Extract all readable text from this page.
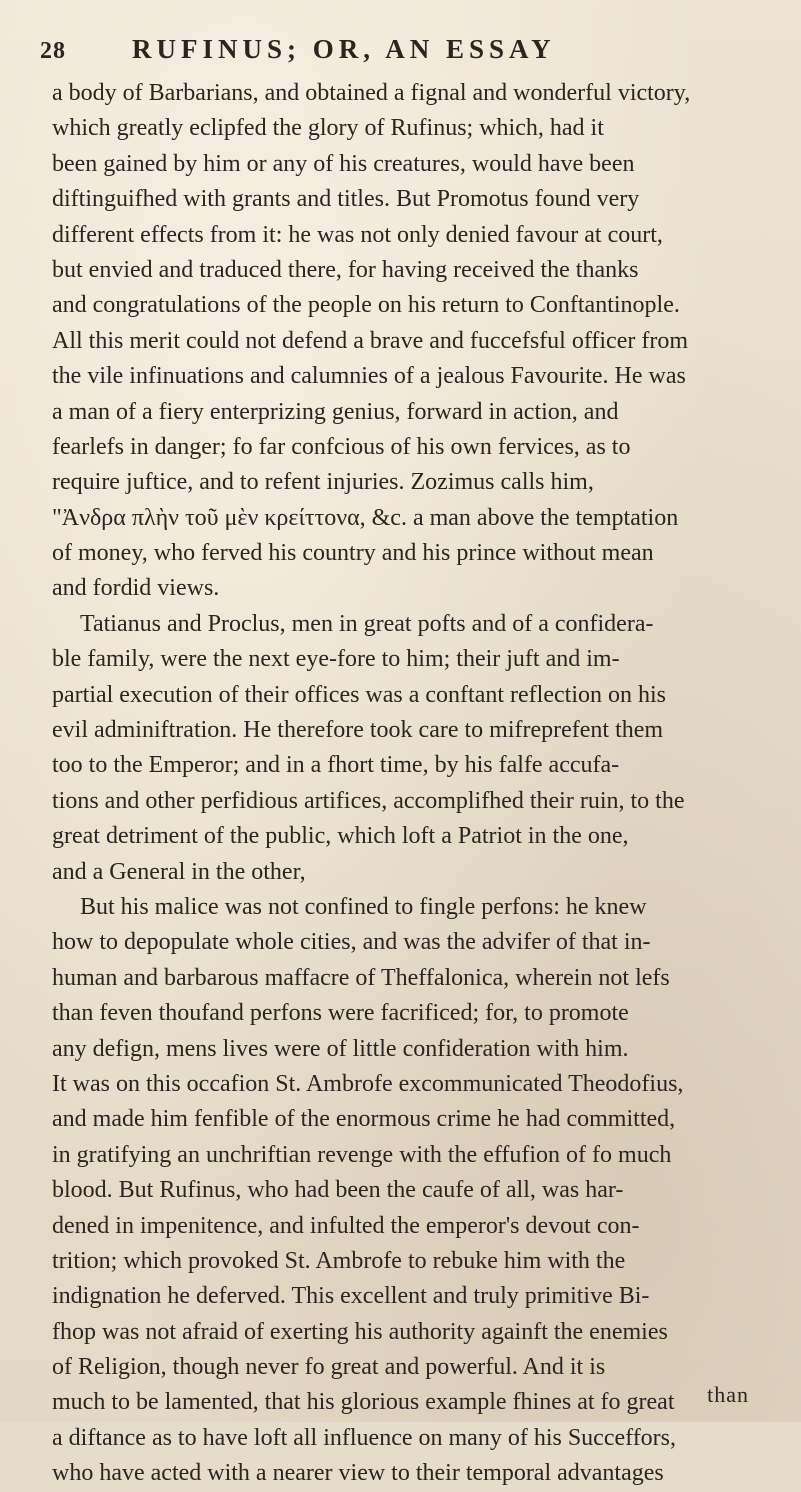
28 RUFINUS; OR, AN ESSAY
a body of Barbarians, and obtained a fignal and wonderful victory,
which greatly eclipfed the glory of Rufinus; which, had it
been gained by him or any of his creatures, would have been
diftinguifhed with grants and titles. But Promotus found very
different effects from it: he was not only denied favour at court,
but envied and traduced there, for having received the thanks
and congratulations of the people on his return to Conftantinople.
All this merit could not defend a brave and fuccefsful officer from
the vile infinuations and calumnies of a jealous Favourite. He was
a man of a fiery enterprizing genius, forward in action, and
fearlefs in danger; fo far confcious of his own fervices, as to
require juftice, and to refent injuries. Zozimus calls him,
"Ἀνδρα πλὴν τοῦ μὲν κρείττονα, &c. a man above the temptation
of money, who ferved his country and his prince without mean
and fordid views.
Tatianus and Proclus, men in great pofts and of a confidera-
ble family, were the next eye-fore to him; their juft and im-
partial execution of their offices was a conftant reflection on his
evil adminiftration. He therefore took care to mifreprefent them
too to the Emperor; and in a fhort time, by his falfe accufa-
tions and other perfidious artifices, accomplifhed their ruin, to the
great detriment of the public, which loft a Patriot in the one,
and a General in the other,
But his malice was not confined to fingle perfons: he knew
how to depopulate whole cities, and was the advifer of that in-
human and barbarous maffacre of Theffalonica, wherein not lefs
than feven thoufand perfons were facrificed; for, to promote
any defign, mens lives were of little confideration with him.
It was on this occafion St. Ambrofe excommunicated Theodofius,
and made him fenfible of the enormous crime he had committed,
in gratifying an unchriftian revenge with the effufion of fo much
blood. But Rufinus, who had been the caufe of all, was har-
dened in impenitence, and infulted the emperor's devout con-
trition; which provoked St. Ambrofe to rebuke him with the
indignation he deferved. This excellent and truly primitive Bi-
fhop was not afraid of exerting his authority againft the enemies
of Religion, though never fo great and powerful. And it is
much to be lamented, that his glorious example fhines at fo great
a diftance as to have loft all influence on many of his Succeffors,
who have acted with a nearer view to their temporal advantages
than
